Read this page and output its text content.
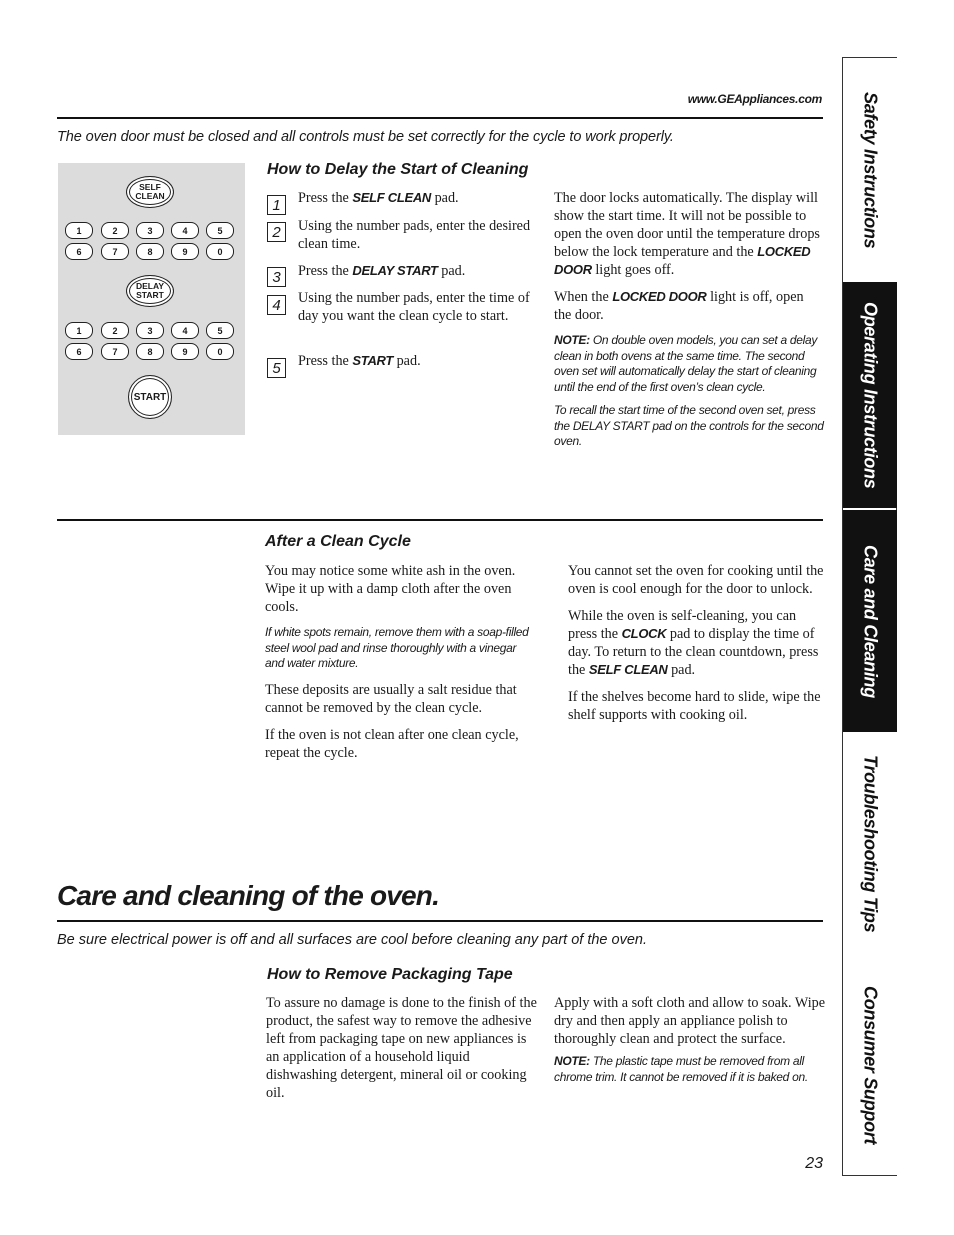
www.GEAppliances.com
The oven door must be closed and all controls must be set correctly for the cycle to work properly.
SELF
CLEAN
DELAY
START
START
1	2	3	4	5
6	7	8	9	0
1	2	3	4	5
6	7	8	9	0
How to Delay the Start of Cleaning
1	Press the SELF CLEAN pad.
2	Using the number pads, enter the desired clean time.
3	Press the DELAY START pad.
4	Using the number pads, enter the time of day you want the clean cycle to start.
5	Press the START pad.

The door locks automatically. The display will show the start time. It will not be possible to open the oven door until the temperature drops below the lock temperature and the LOCKED DOOR light goes off.

When the LOCKED DOOR light is off, open the door.

NOTE: On double oven models, you can set a delay clean in both ovens at the same time. The second oven set will automatically delay the start of cleaning until the end of the first oven’s clean cycle.
To recall the start time of the second oven set, press the DELAY START pad on the controls for the second oven.
After a Clean Cycle

You may notice some white ash in the oven. Wipe it up with a damp cloth after the oven cools.

If white spots remain, remove them with a soap-filled steel wool pad and rinse thoroughly with a vinegar and water mixture.

These deposits are usually a salt residue that cannot be removed by the clean cycle.

If the oven is not clean after one clean cycle, repeat the cycle.

You cannot set the oven for cooking until the oven is cool enough for the door to unlock.

While the oven is self-cleaning, you can press the CLOCK pad to display the time of day. To return to the clean countdown, press the SELF CLEAN pad.

If the shelves become hard to slide, wipe the shelf supports with cooking oil.

Care and cleaning of the oven.
Be sure electrical power is off and all surfaces are cool before cleaning any part of the oven.
How to Remove Packaging Tape
To assure no damage is done to the finish of the product, the safest way to remove the adhesive left from packaging tape on new appliances is an application of a household liquid dishwashing detergent, mineral oil or cooking oil.

Apply with a soft cloth and allow to soak. Wipe dry and then apply an appliance polish to thoroughly clean and protect the surface.

NOTE: The plastic tape must be removed from all chrome trim. It cannot be removed if it is baked on.
23
Safety Instructions
Operating Instructions
Care and Cleaning
Troubleshooting Tips
Consumer Support
